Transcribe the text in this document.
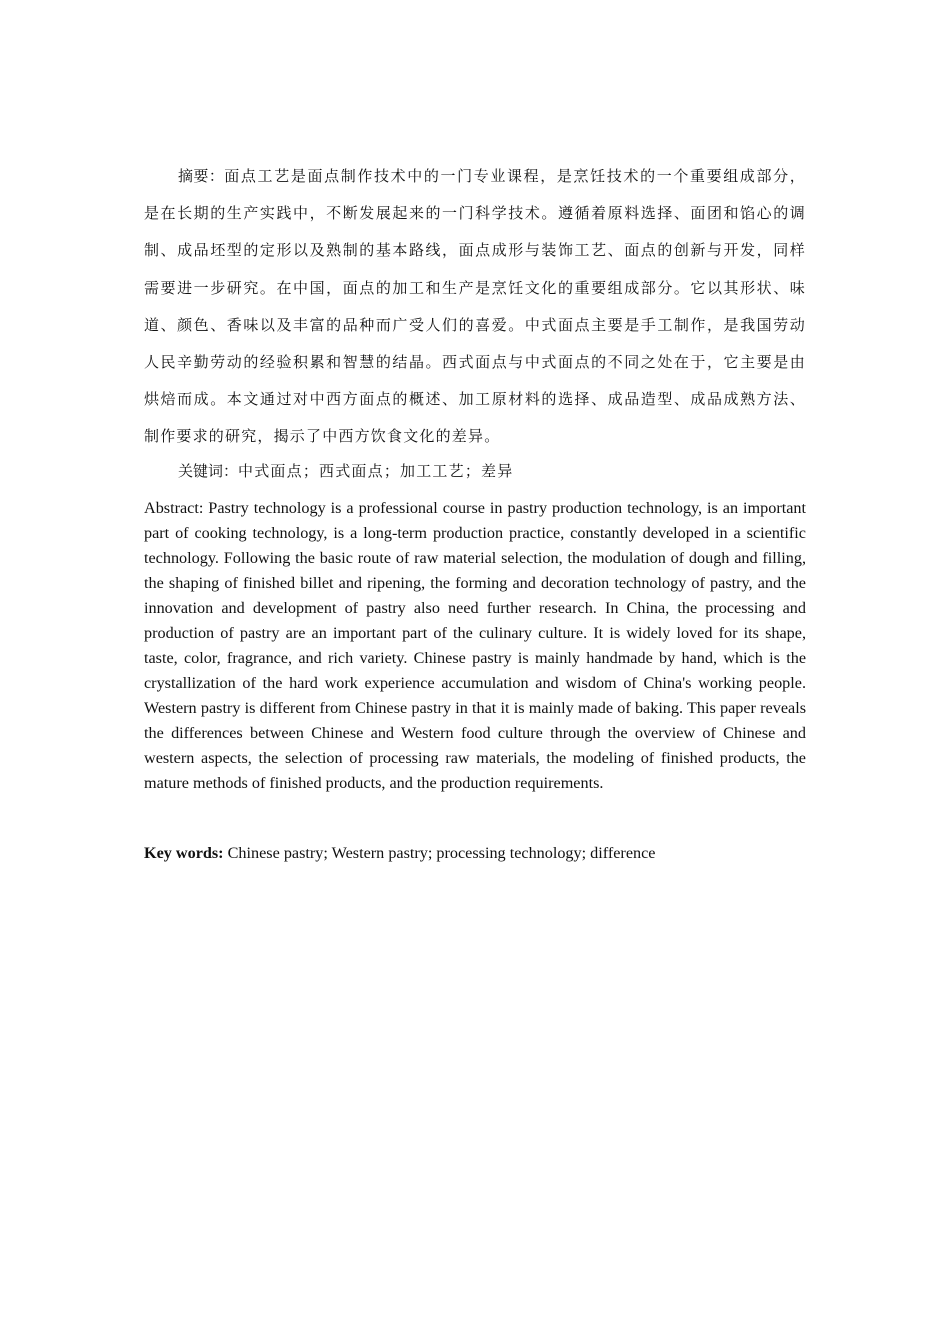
摘要：面点工艺是面点制作技术中的一门专业课程，是烹饪技术的一个重要组成部分，是在长期的生产实践中，不断发展起来的一门科学技术。遵循着原料选择、面团和馅心的调制、成品坯型的定形以及熟制的基本路线，面点成形与装饰工艺、面点的创新与开发，同样需要进一步研究。在中国，面点的加工和生产是烹饪文化的重要组成部分。它以其形状、味道、颜色、香味以及丰富的品种而广受人们的喜爱。中式面点主要是手工制作，是我国劳动人民辛勤劳动的经验积累和智慧的结晶。西式面点与中式面点的不同之处在于，它主要是由烘焙而成。本文通过对中西方面点的概述、加工原材料的选择、成品造型、成品成熟方法、制作要求的研究，揭示了中西方饮食文化的差异。

关键词：中式面点；西式面点；加工工艺；差异

Abstract: Pastry technology is a professional course in pastry production technology, is an important part of cooking technology, is a long-term production practice, constantly developed in a scientific technology. Following the basic route of raw material selection, the modulation of dough and filling, the shaping of finished billet and ripening, the forming and decoration technology of pastry, and the innovation and development of pastry also need further research. In China, the processing and production of pastry are an important part of the culinary culture. It is widely loved for its shape, taste, color, fragrance, and rich variety. Chinese pastry is mainly handmade by hand, which is the crystallization of the hard work experience accumulation and wisdom of China's working people. Western pastry is different from Chinese pastry in that it is mainly made of baking. This paper reveals the differences between Chinese and Western food culture through the overview of Chinese and western aspects, the selection of processing raw materials, the modeling of finished products, the mature methods of finished products, and the production requirements.

Key words: Chinese pastry; Western pastry; processing technology; difference
